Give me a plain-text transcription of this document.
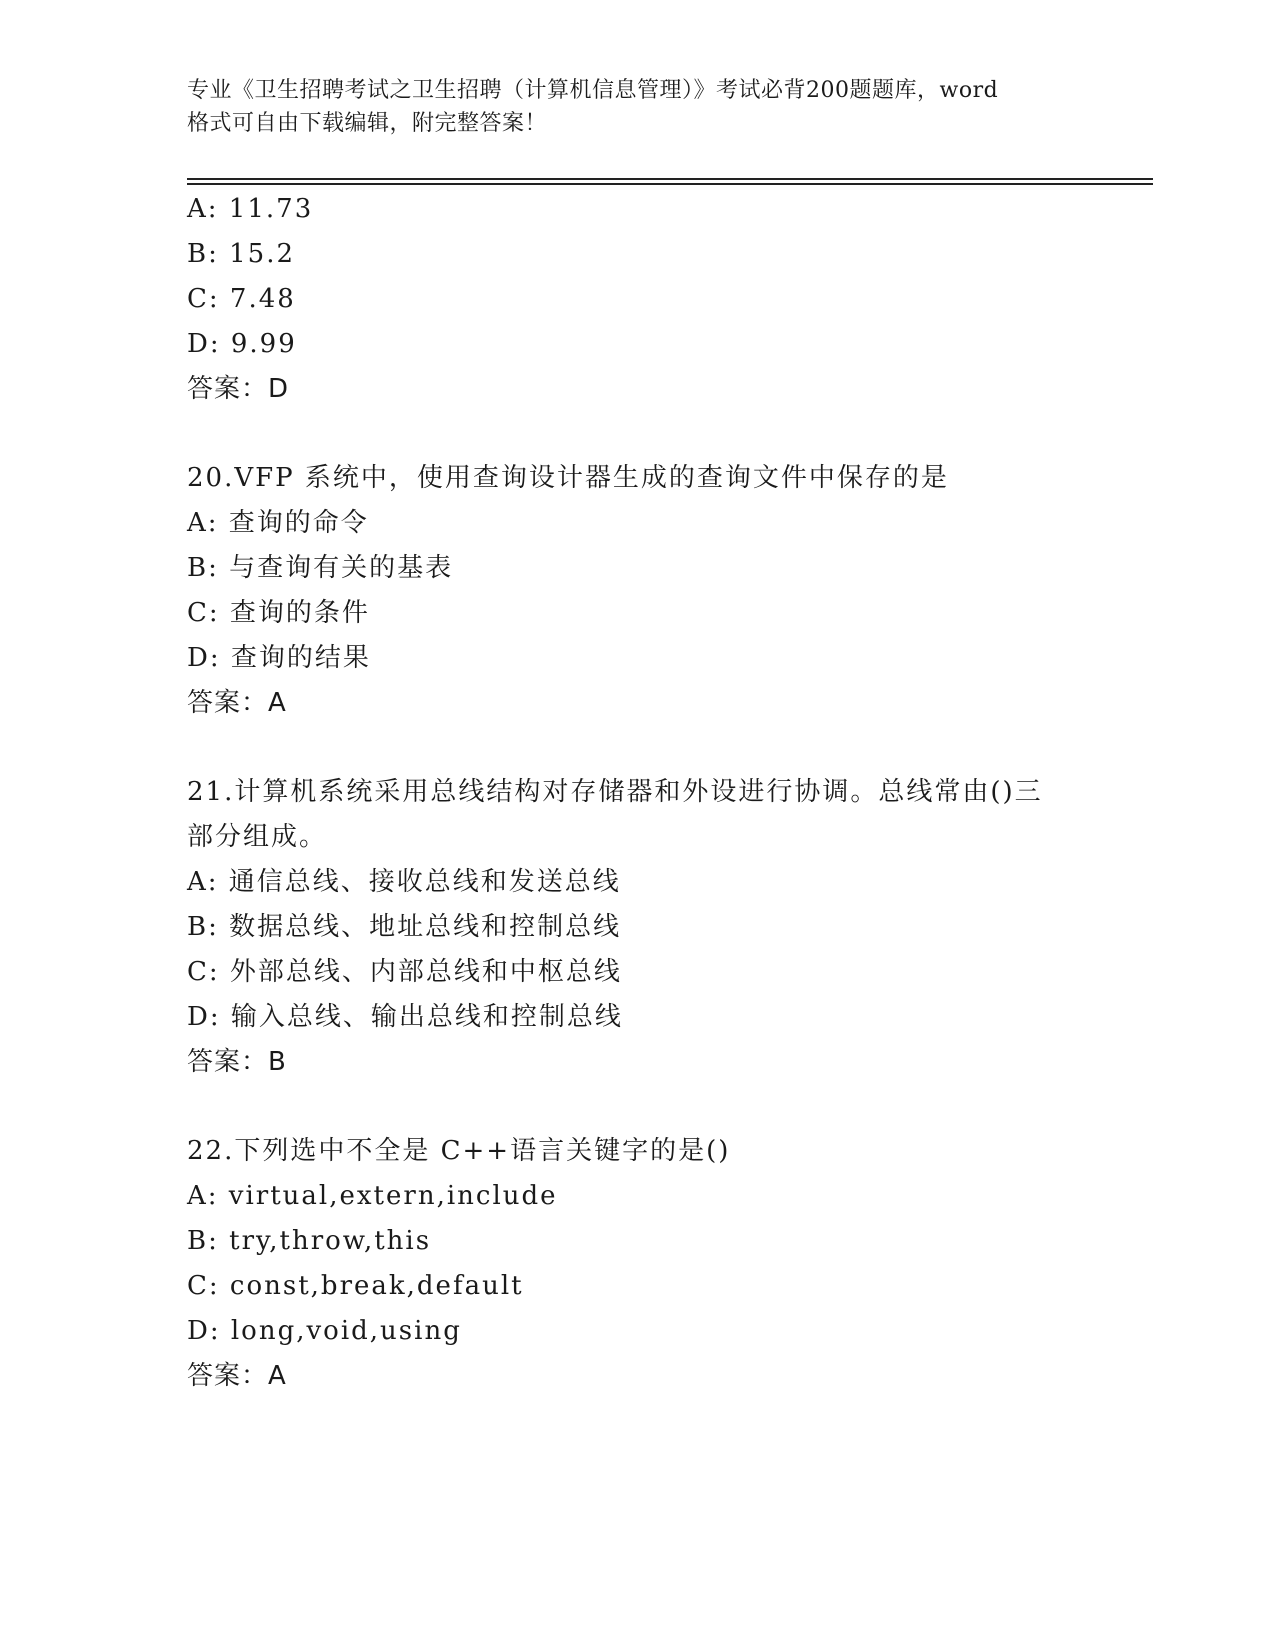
专业《卫生招聘考试之卫生招聘（计算机信息管理）》考试必背200题题库，word
格式可自由下载编辑，附完整答案！
A: 11.73
B: 15.2
C: 7.48
D: 9.99
答案：D
20.VFP 系统中，使用查询设计器生成的查询文件中保存的是
A: 查询的命令
B: 与查询有关的基表
C: 查询的条件
D: 查询的结果
答案：A
21.计算机系统采用总线结构对存储器和外设进行协调。总线常由()三
部分组成。
A: 通信总线、接收总线和发送总线
B: 数据总线、地址总线和控制总线
C: 外部总线、内部总线和中枢总线
D: 输入总线、输出总线和控制总线
答案：B
22.下列选中不全是 C++语言关键字的是()
A: virtual,extern,include
B: try,throw,this
C: const,break,default
D: long,void,using
答案：A
